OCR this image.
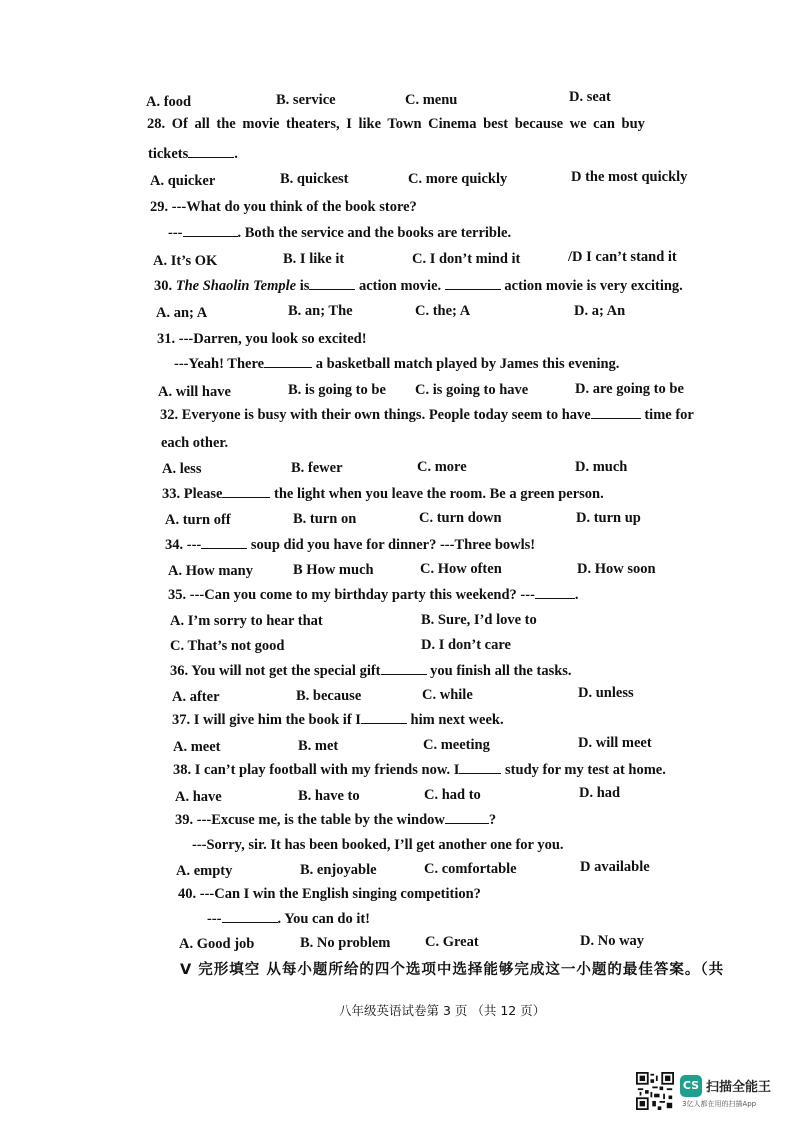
A. food	B. service	C. menu	D. seat
28. Of all the movie theaters, I like Town Cinema best because we can buy
tickets	.
A. quicker	B. quickest	C. more quickly	D the most quickly
29. ---What do you think of the book store?
---	. Both the service and the books are terrible.
A. It’s OK	B. I like it	C. I don’t mind it	/D I can’t stand it
30. The Shaolin Temple is	action movie.	action movie is very exciting.
A. an; A	B. an; The	C. the; A	D. a; An
31. ---Darren, you look so excited!
---Yeah! There	a basketball match played by James this evening.
A. will have	B. is going to be C. is going to have	D. are going to be
32. Everyone is busy with their own things. People today seem to have	time for
each other.
A. less	B. fewer	C. more	D. much
33. Please	the light when you leave the room. Be a green person.
A. turn off	B. turn on	C. turn down	D. turn up
34. ---	soup did you have for dinner? ---Three bowls!
A. How many	B How much	C. How often	D. How soon
35. ---Can you come to my birthday party this weekend? ---	.
A. I’m sorry to hear that	B. Sure, I’d love to
C. That’s not good	D. I don’t care
36. You will not get the special gift	you finish all the tasks.
A. after	B. because	C. while	D. unless
37. I will give him the book if I	him next week.
A. meet	B. met	C. meeting	D. will meet
38. I can’t play football with my friends now. I	study for my test at home.
A. have	B. have to	C. had to	D. had
39. ---Excuse me, is the table by the window	?
---Sorry, sir. It has been booked, I’ll get another one for you.
A. empty	B. enjoyable	C. comfortable	D available
40. ---Can I win the English singing competition?
---	. You can do it!
A. Good job	B. No problem C. Great	D. No way
V 完形填空 从每小题所给的四个选项中选择能够完成这一小题的最佳答案。（共
八年级英语试卷第 3 页 （共 12 页）
CS 扫描全能王
3亿人都在用的扫描App
